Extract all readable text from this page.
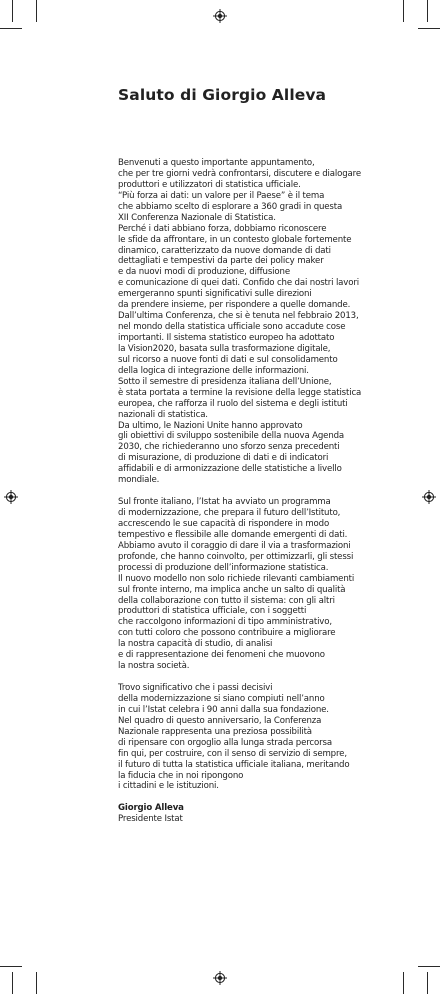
Saluto di Giorgio Alleva
Benvenuti a questo importante appuntamento,
che per tre giorni vedrà confrontarsi, discutere e dialogare
produttori e utilizzatori di statistica ufficiale.
“Più forza ai dati: un valore per il Paese” è il tema
che abbiamo scelto di esplorare a 360 gradi in questa
XII Conferenza Nazionale di Statistica.
Perché i dati abbiano forza, dobbiamo riconoscere
le sfide da affrontare, in un contesto globale fortemente
dinamico, caratterizzato da nuove domande di dati
dettagliati e tempestivi da parte dei policy maker
e da nuovi modi di produzione, diffusione
e comunicazione di quei dati. Confido che dai nostri lavori
emergeranno spunti significativi sulle direzioni
da prendere insieme, per rispondere a quelle domande.
Dall’ultima Conferenza, che si è tenuta nel febbraio 2013,
nel mondo della statistica ufficiale sono accadute cose
importanti. Il sistema statistico europeo ha adottato
la Vision2020, basata sulla trasformazione digitale,
sul ricorso a nuove fonti di dati e sul consolidamento
della logica di integrazione delle informazioni.
Sotto il semestre di presidenza italiana dell’Unione,
è stata portata a termine la revisione della legge statistica
europea, che rafforza il ruolo del sistema e degli istituti
nazionali di statistica.
Da ultimo, le Nazioni Unite hanno approvato
gli obiettivi di sviluppo sostenibile della nuova Agenda
2030, che richiederanno uno sforzo senza precedenti
di misurazione, di produzione di dati e di indicatori
affidabili e di armonizzazione delle statistiche a livello
mondiale.
Sul fronte italiano, l’Istat ha avviato un programma
di modernizzazione, che prepara il futuro dell’Istituto,
accrescendo le sue capacità di rispondere in modo
tempestivo e flessibile alle domande emergenti di dati.
Abbiamo avuto il coraggio di dare il via a trasformazioni
profonde, che hanno coinvolto, per ottimizzarli, gli stessi
processi di produzione dell’informazione statistica.
Il nuovo modello non solo richiede rilevanti cambiamenti
sul fronte interno, ma implica anche un salto di qualità
della collaborazione con tutto il sistema: con gli altri
produttori di statistica ufficiale, con i soggetti
che raccolgono informazioni di tipo amministrativo,
con tutti coloro che possono contribuire a migliorare
la nostra capacità di studio, di analisi
e di rappresentazione dei fenomeni che muovono
la nostra società.
Trovo significativo che i passi decisivi
della modernizzazione si siano compiuti nell’anno
in cui l’Istat celebra i 90 anni dalla sua fondazione.
Nel quadro di questo anniversario, la Conferenza
Nazionale rappresenta una preziosa possibilità
di ripensare con orgoglio alla lunga strada percorsa
fin qui, per costruire, con il senso di servizio di sempre,
il futuro di tutta la statistica ufficiale italiana, meritando
la fiducia che in noi ripongono
i cittadini e le istituzioni.
Giorgio Alleva
Presidente Istat
